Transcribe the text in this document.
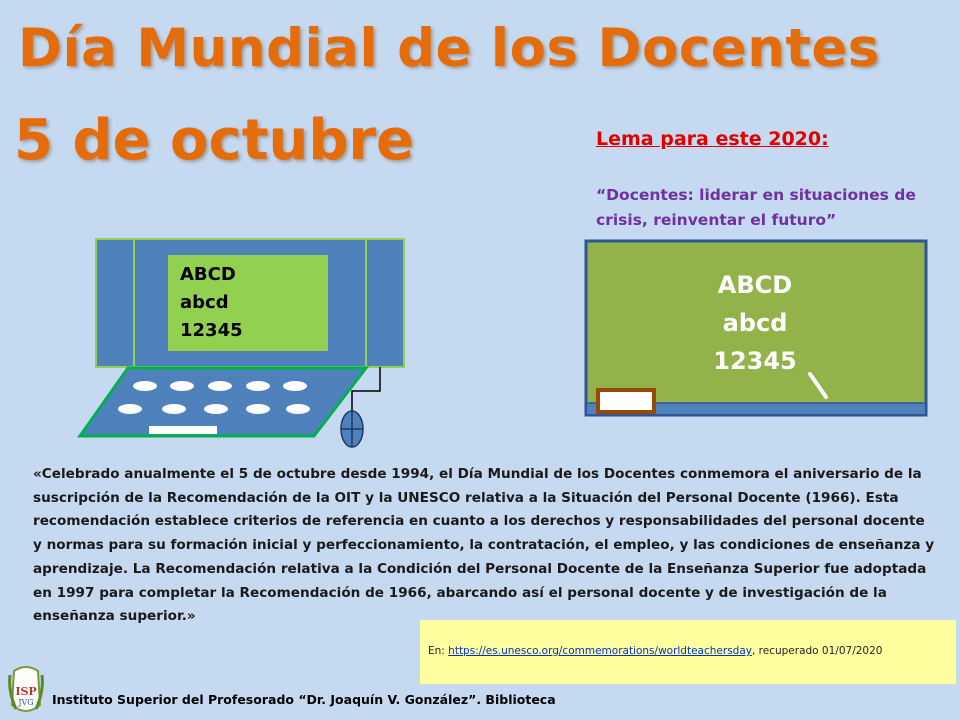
Día Mundial de los Docentes
5 de octubre	Lema para este 2020:
“Docentes: liderar en situaciones de crisis, reinventar el futuro”
ABCD
abcd
12345
ABCD
abcd
12345

«Celebrado anualmente el 5 de octubre desde 1994, el Día Mundial de los Docentes conmemora el aniversario de la suscripción de la Recomendación de la OIT y la UNESCO relativa a la Situación del Personal Docente (1966). Esta recomendación establece criterios de referencia en cuanto a los derechos y responsabilidades del personal docente y normas para su formación inicial y perfeccionamiento, la contratación, el empleo, y las condiciones de enseñanza y aprendizaje. La Recomendación relativa a la Condición del Personal Docente de la Enseñanza Superior fue adoptada en 1997 para completar la Recomendación de 1966, abarcando así el personal docente y de investigación de la enseñanza superior.»

En: https://es.unesco.org/commemorations/worldteachersday, recuperado 01/07/2020
ISP
JVG Instituto Superior del Profesorado “Dr. Joaquín V. González”. Biblioteca
